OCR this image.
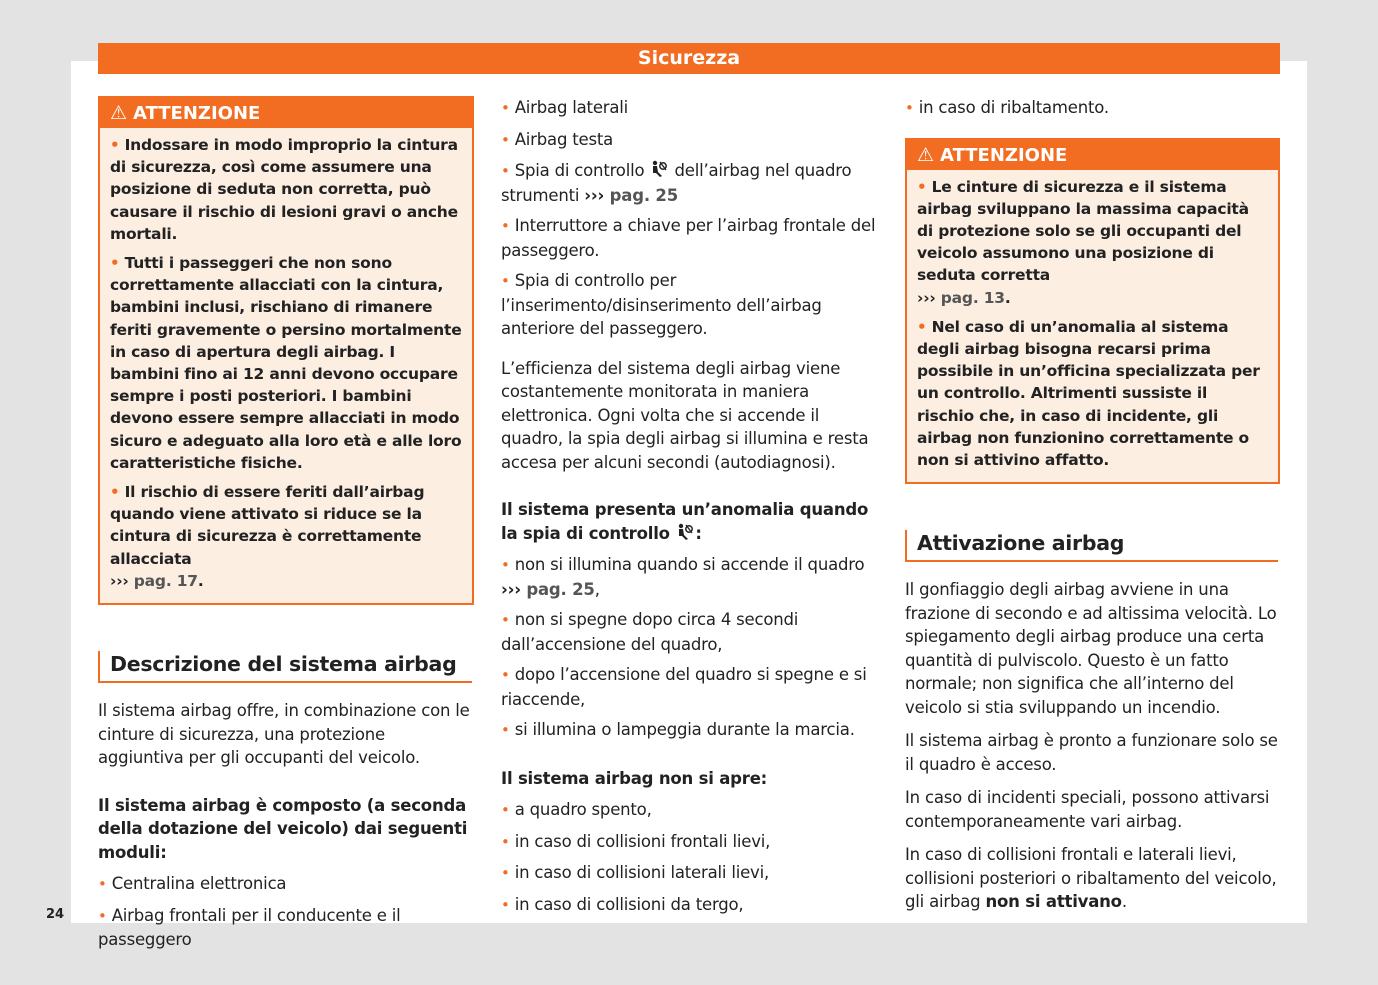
Sicurezza
24
⚠ ATTENZIONE

• Indossare in modo improprio la cintura di sicurezza, così come assumere una posizione di seduta non corretta, può causare il rischio di lesioni gravi o anche mortali.

• Tutti i passeggeri che non sono correttamente allacciati con la cintura, bambini inclusi, rischiano di rimanere feriti gravemente o persino mortalmente in caso di apertura degli airbag. I bambini fino ai 12 anni devono occupare sempre i posti posteriori. I bambini devono essere sempre allacciati in modo sicuro e adeguato alla loro età e alle loro caratteristiche fisiche.

• Il rischio di essere feriti dall’airbag quando viene attivato si riduce se la cintura di sicurezza è correttamente allacciata
››› pag. 17.

Descrizione del sistema airbag

Il sistema airbag offre, in combinazione con le cinture di sicurezza, una protezione aggiuntiva per gli occupanti del veicolo.

Il sistema airbag è composto (a seconda della dotazione del veicolo) dai seguenti moduli:

• Centralina elettronica

• Airbag frontali per il conducente e il passeggero

• Airbag laterali

• Airbag testa

• Spia di controllo dell’airbag nel quadro strumenti ››› pag. 25

• Interruttore a chiave per l’airbag frontale del passeggero.

• Spia di controllo per l’inserimento/disinserimento dell’airbag anteriore del passeggero.

L’efficienza del sistema degli airbag viene costantemente monitorata in maniera elettronica. Ogni volta che si accende il quadro, la spia degli airbag si illumina e resta accesa per alcuni secondi (autodiagnosi).

Il sistema presenta un’anomalia quando la spia di controllo :

• non si illumina quando si accende il quadro ››› pag. 25,

• non si spegne dopo circa 4 secondi dall’accensione del quadro,

• dopo l’accensione del quadro si spegne e si riaccende,

• si illumina o lampeggia durante la marcia.

Il sistema airbag non si apre:

• a quadro spento,

• in caso di collisioni frontali lievi,

• in caso di collisioni laterali lievi,

• in caso di collisioni da tergo,

• in caso di ribaltamento.

⚠ ATTENZIONE

• Le cinture di sicurezza e il sistema airbag sviluppano la massima capacità di protezione solo se gli occupanti del veicolo assumono una posizione di seduta corretta
››› pag. 13.

• Nel caso di un’anomalia al sistema degli airbag bisogna recarsi prima possibile in un’officina specializzata per un controllo. Altrimenti sussiste il rischio che, in caso di incidente, gli airbag non funzionino correttamente o non si attivino affatto.

Attivazione airbag

Il gonfiaggio degli airbag avviene in una frazione di secondo e ad altissima velocità. Lo spiegamento degli airbag produce una certa quantità di pulviscolo. Questo è un fatto normale; non significa che all’interno del veicolo si stia sviluppando un incendio.

Il sistema airbag è pronto a funzionare solo se il quadro è acceso.

In caso di incidenti speciali, possono attivarsi contemporaneamente vari airbag.

In caso di collisioni frontali e laterali lievi, collisioni posteriori o ribaltamento del veicolo, gli airbag non si attivano.
